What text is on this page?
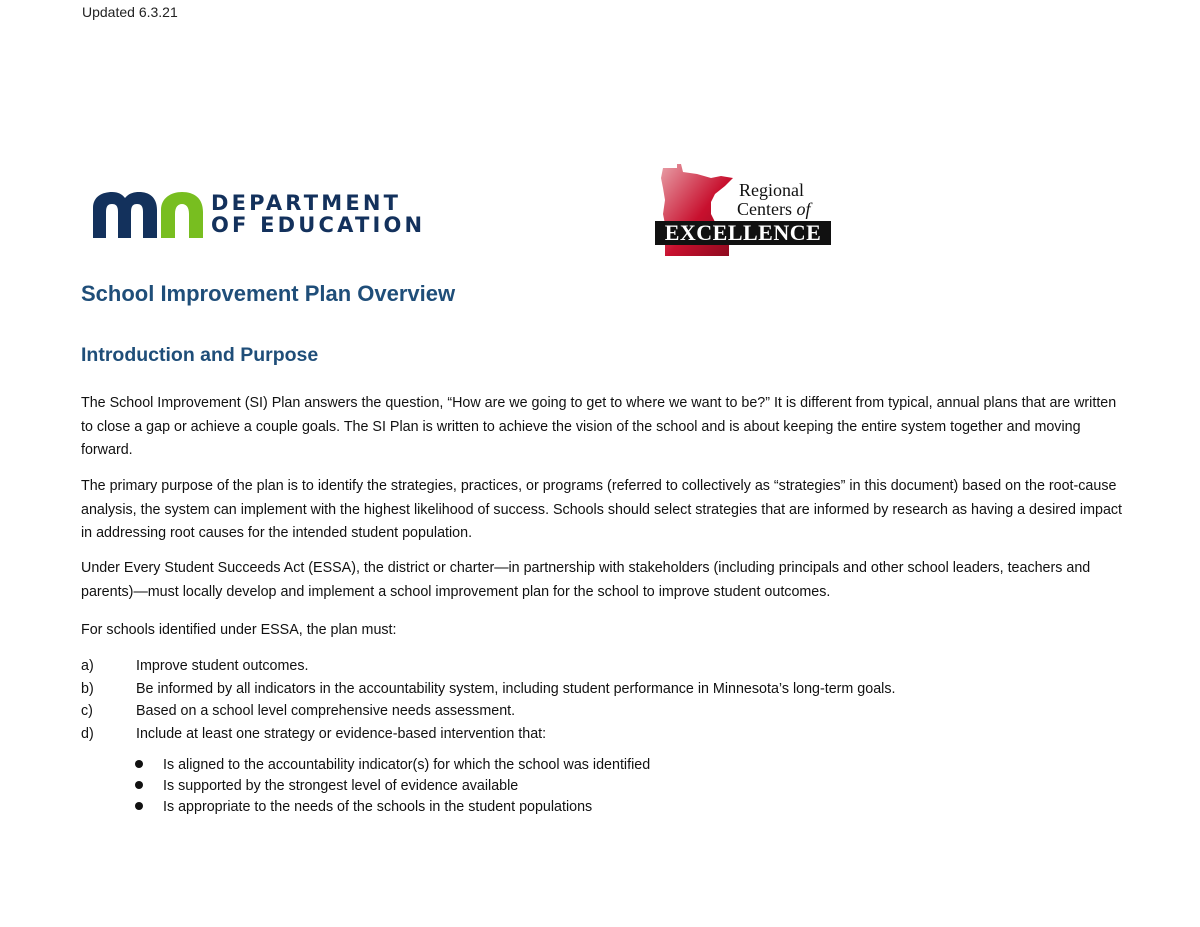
Updated 6.3.21
DEPARTMENT
OF EDUCATION
Regional
Centers of
EXCELLENCE
School Improvement Plan Overview
Introduction and Purpose

The School Improvement (SI) Plan answers the question, “How are we going to get to where we want to be?” It is different from typical, annual plans that are written to close a gap or achieve a couple goals. The SI Plan is written to achieve the vision of the school and is about keeping the entire system together and moving forward.

The primary purpose of the plan is to identify the strategies, practices, or programs (referred to collectively as “strategies” in this document) based on the root-cause analysis, the system can implement with the highest likelihood of success. Schools should select strategies that are informed by research as having a desired impact in addressing root causes for the intended student population.

Under Every Student Succeeds Act (ESSA), the district or charter—in partnership with stakeholders (including principals and other school leaders, teachers and parents)—must locally develop and implement a school improvement plan for the school to improve student outcomes.

For schools identified under ESSA, the plan must:

a)	Improve student outcomes.
b)	Be informed by all indicators in the accountability system, including student performance in Minnesota’s long-term goals.
c)	Based on a school level comprehensive needs assessment.
d)	Include at least one strategy or evidence-based intervention that:
Is aligned to the accountability indicator(s) for which the school was identified
Is supported by the strongest level of evidence available
Is appropriate to the needs of the schools in the student populations
